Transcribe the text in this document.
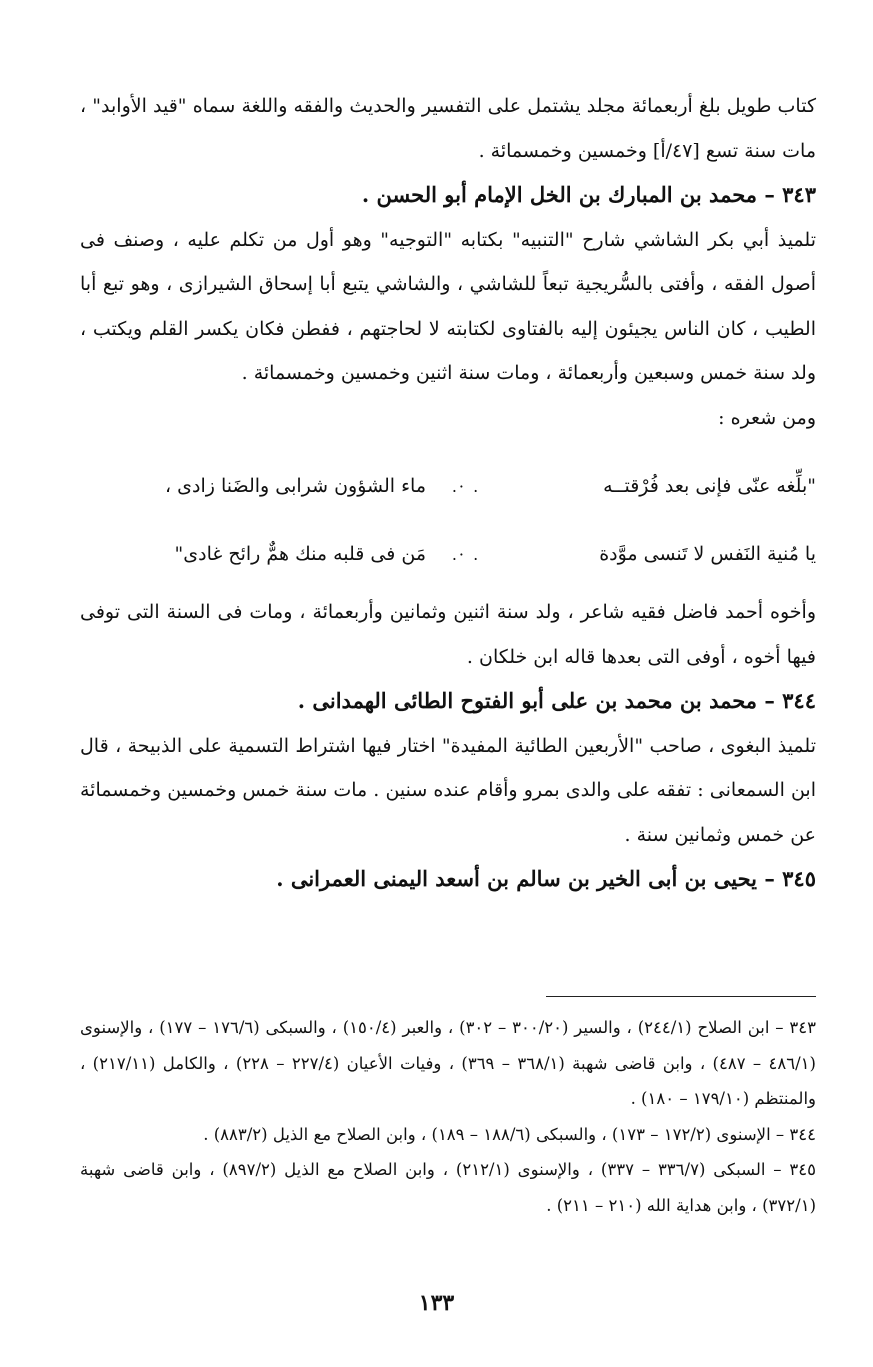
كتاب طويل بلغ أربعمائة مجلد يشتمل على التفسير والحديث والفقه واللغة سماه "قيد الأوابد" ، مات سنة تسع [٤٧/أ] وخمسين وخمسمائة .

٣٤٣ – محمد بن المبارك بن الخل الإمام أبو الحسن .

تلميذ أبي بكر الشاشي شارح "التنبيه" بكتابه "التوجيه" وهو أول من تكلم عليه ، وصنف فى أصول الفقه ، وأفتى بالسُّريجية تبعاً للشاشي ، والشاشي يتبع أبا إسحاق الشيرازى ، وهو تبع أبا الطيب ، كان الناس يجيئون إليه بالفتاوى لكتابته لا لحاجتهم ، ففطن فكان يكسر القلم ويكتب ، ولد سنة خمس وسبعين وأربعمائة ، ومات سنة اثنين وخمسين وخمسمائة .

ومن شعره :

"بلِّغه عنّى فإنى بعد فُرْقتــه
. ·.
ماء الشؤون شرابى والضَنا زادى ،
يا مُنية النَفس لا تَنسى موَّدة
. ·.
مَن فى قلبه منك همٌّ رائح غادى"

وأخوه أحمد فاضل فقيه شاعر ، ولد سنة اثنين وثمانين وأربعمائة ، ومات فى السنة التى توفى فيها أخوه ، أوفى التى بعدها قاله ابن خلكان .

٣٤٤ – محمد بن محمد بن على أبو الفتوح الطائى الهمدانى .

تلميذ البغوى ، صاحب "الأربعين الطائية المفيدة" اختار فيها اشتراط التسمية على الذبيحة ، قال ابن السمعانى : تفقه على والدى بمرو وأقام عنده سنين . مات سنة خمس وخمسين وخمسمائة عن خمس وثمانين سنة .

٣٤٥ – يحيى بن أبى الخير بن سالم بن أسعد اليمنى العمرانى .

٣٤٣ – ابن الصلاح (٢٤٤/١) ، والسير (٣٠٠/٢٠ – ٣٠٢) ، والعبر (١٥٠/٤) ، والسبكى (١٧٦/٦ – ١٧٧) ، والإسنوى (٤٨٦/١ – ٤٨٧) ، وابن قاضى شهبة (٣٦٨/١ – ٣٦٩) ، وفيات الأعيان (٢٢٧/٤ – ٢٢٨) ، والكامل (٢١٧/١١) ، والمنتظم (١٧٩/١٠ – ١٨٠) .

٣٤٤ – الإسنوى (١٧٢/٢ – ١٧٣) ، والسبكى (١٨٨/٦ – ١٨٩) ، وابن الصلاح مع الذيل (٨٨٣/٢) .

٣٤٥ – السبكى (٣٣٦/٧ – ٣٣٧) ، والإسنوى (٢١٢/١) ، وابن الصلاح مع الذيل (٨٩٧/٢) ، وابن قاضى شهبة (٣٧٢/١) ، وابن هداية الله (٢١٠ – ٢١١) .

١٣٣
